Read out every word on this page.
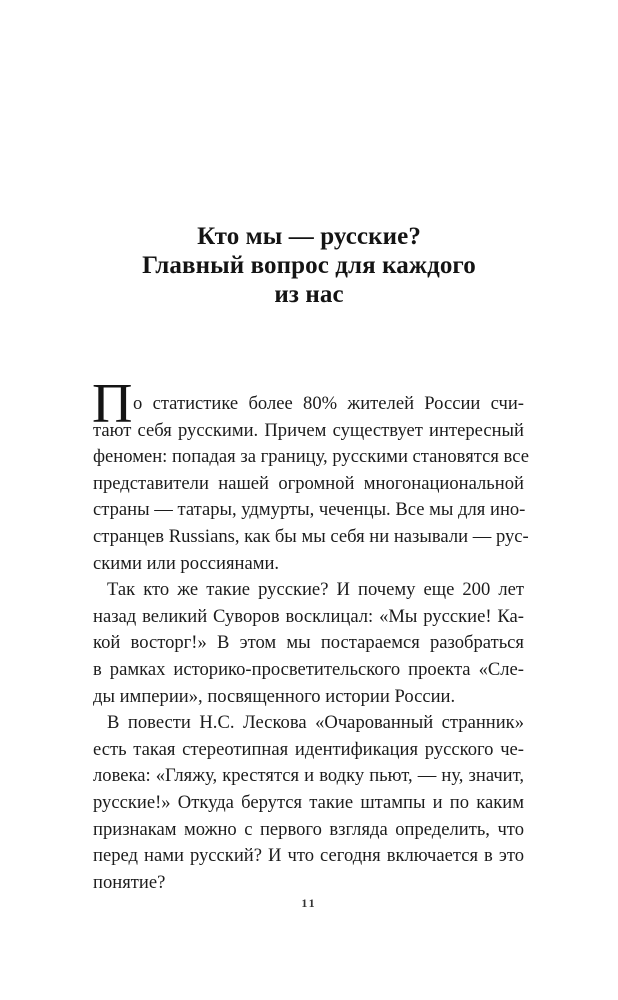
Кто мы — русские?
Главный вопрос для каждого
из нас
П о статистике более 80% жителей России счи-
тают себя русскими. Причем существует интересный
феномен: попадая за границу, русскими становятся все
представители нашей огромной многонациональной
страны — татары, удмурты, чеченцы. Все мы для ино-
странцев Russians, как бы мы себя ни называли — рус-
скими или россиянами.
Так кто же такие русские? И почему еще 200 лет
назад великий Суворов восклицал: «Мы русские! Ка-
кой восторг!» В этом мы постараемся разобраться
в рамках историко-просветительского проекта «Сле-
ды империи», посвященного истории России.
В повести Н.С. Лескова «Очарованный странник»
есть такая стереотипная идентификация русского че-
ловека: «Гляжу, крестятся и водку пьют, — ну, значит,
русские!» Откуда берутся такие штампы и по каким
признакам можно с первого взгляда определить, что
перед нами русский? И что сегодня включается в это
понятие?
11
